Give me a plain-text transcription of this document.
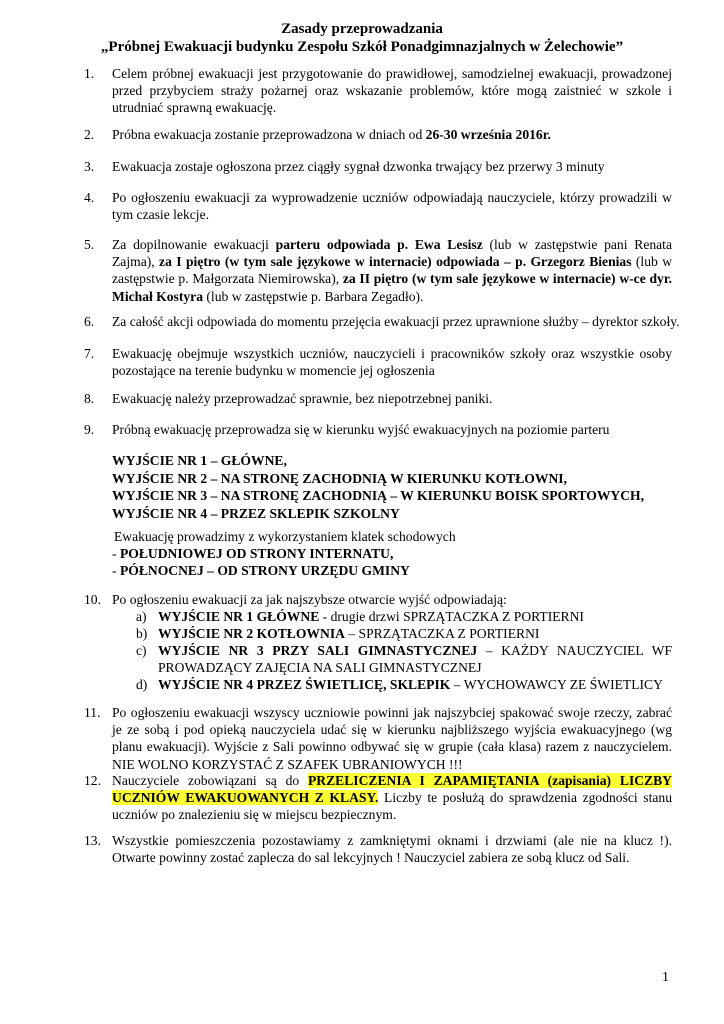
Zasady przeprowadzania
„Próbnej Ewakuacji budynku Zespołu Szkół Ponadgimnazjalnych w Żelechowie”
1. Celem próbnej ewakuacji jest przygotowanie do prawidłowej, samodzielnej ewakuacji, prowadzonej przed przybyciem straży pożarnej oraz wskazanie problemów, które mogą zaistnieć w szkole i utrudniać sprawną ewakuację.
2. Próbna ewakuacja zostanie przeprowadzona w dniach od 26-30 września 2016r.
3. Ewakuacja zostaje ogłoszona przez ciągły sygnał dzwonka trwający bez przerwy 3 minuty
4. Po ogłoszeniu ewakuacji za wyprowadzenie uczniów odpowiadają nauczyciele, którzy prowadzili w tym czasie lekcje.
5. Za dopilnowanie ewakuacji parteru odpowiada p. Ewa Lesisz (lub w zastępstwie pani Renata Zajma), za I piętro (w tym sale językowe w internacie) odpowiada – p. Grzegorz Bienias (lub w zastępstwie p. Małgorzata Niemirowska), za II piętro (w tym sale językowe w internacie) w-ce dyr. Michał Kostyra (lub w zastępstwie p. Barbara Zegadło).
6. Za całość akcji odpowiada do momentu przejęcia ewakuacji przez uprawnione służby – dyrektor szkoły.
7. Ewakuację obejmuje wszystkich uczniów, nauczycieli i pracowników szkoły oraz wszystkie osoby pozostające na terenie budynku w momencie jej ogłoszenia
8. Ewakuację należy przeprowadzać sprawnie, bez niepotrzebnej paniki.
9. Próbną ewakuację przeprowadza się w kierunku wyjść ewakuacyjnych na poziomie parteru
WYJŚCIE NR 1 – GŁÓWNE,
WYJŚCIE NR 2 – NA STRONĘ ZACHODNIĄ W KIERUNKU KOTŁOWNI,
WYJŚCIE NR 3 – NA STRONĘ ZACHODNIĄ – W KIERUNKU BOISK SPORTOWYCH,
WYJŚCIE NR 4 – PRZEZ SKLEPIK SZKOLNY
Ewakuację prowadzimy z wykorzystaniem klatek schodowych
- POŁUDNIOWEJ OD STRONY INTERNATU,
- PÓŁNOCNEJ – OD STRONY URZĘDU GMINY
10. Po ogłoszeniu ewakuacji za jak najszybsze otwarcie wyjść odpowiadają:
a) WYJŚCIE NR 1 GŁÓWNE - drugie drzwi SPRZĄTACZKA Z PORTIERNI
b) WYJŚCIE NR 2 KOTŁOWNIA – SPRZĄTACZKA Z PORTIERNI
c) WYJŚCIE NR 3 PRZY SALI GIMNASTYCZNEJ – KAŻDY NAUCZYCIEL WF PROWADZĄCY ZAJĘCIA NA SALI GIMNASTYCZNEJ
d) WYJŚCIE NR 4 PRZEZ ŚWIETLICĘ, SKLEPIK – WYCHOWAWCY ZE ŚWIETLICY
11. Po ogłoszeniu ewakuacji wszyscy uczniowie powinni jak najszybciej spakować swoje rzeczy, zabrać je ze sobą i pod opieką nauczyciela udać się w kierunku najbliższego wyjścia ewakuacyjnego (wg planu ewakuacji). Wyjście z Sali powinno odbywać się w grupie (cała klasa) razem z nauczycielem. NIE WOLNO KORZYSTAĆ Z SZAFEK UBRANIOWYCH !!!
12. Nauczyciele zobowiązani są do PRZELICZENIA I ZAPAMIĘTANIA (zapisania) LICZBY UCZNIÓW EWAKUOWANYCH Z KLASY. Liczby te posłużą do sprawdzenia zgodności stanu uczniów po znalezieniu się w miejscu bezpiecznym.
13. Wszystkie pomieszczenia pozostawiamy z zamkniętymi oknami i drzwiami (ale nie na klucz !). Otwarte powinny zostać zaplecza do sal lekcyjnych ! Nauczyciel zabiera ze sobą klucz od Sali.
1
